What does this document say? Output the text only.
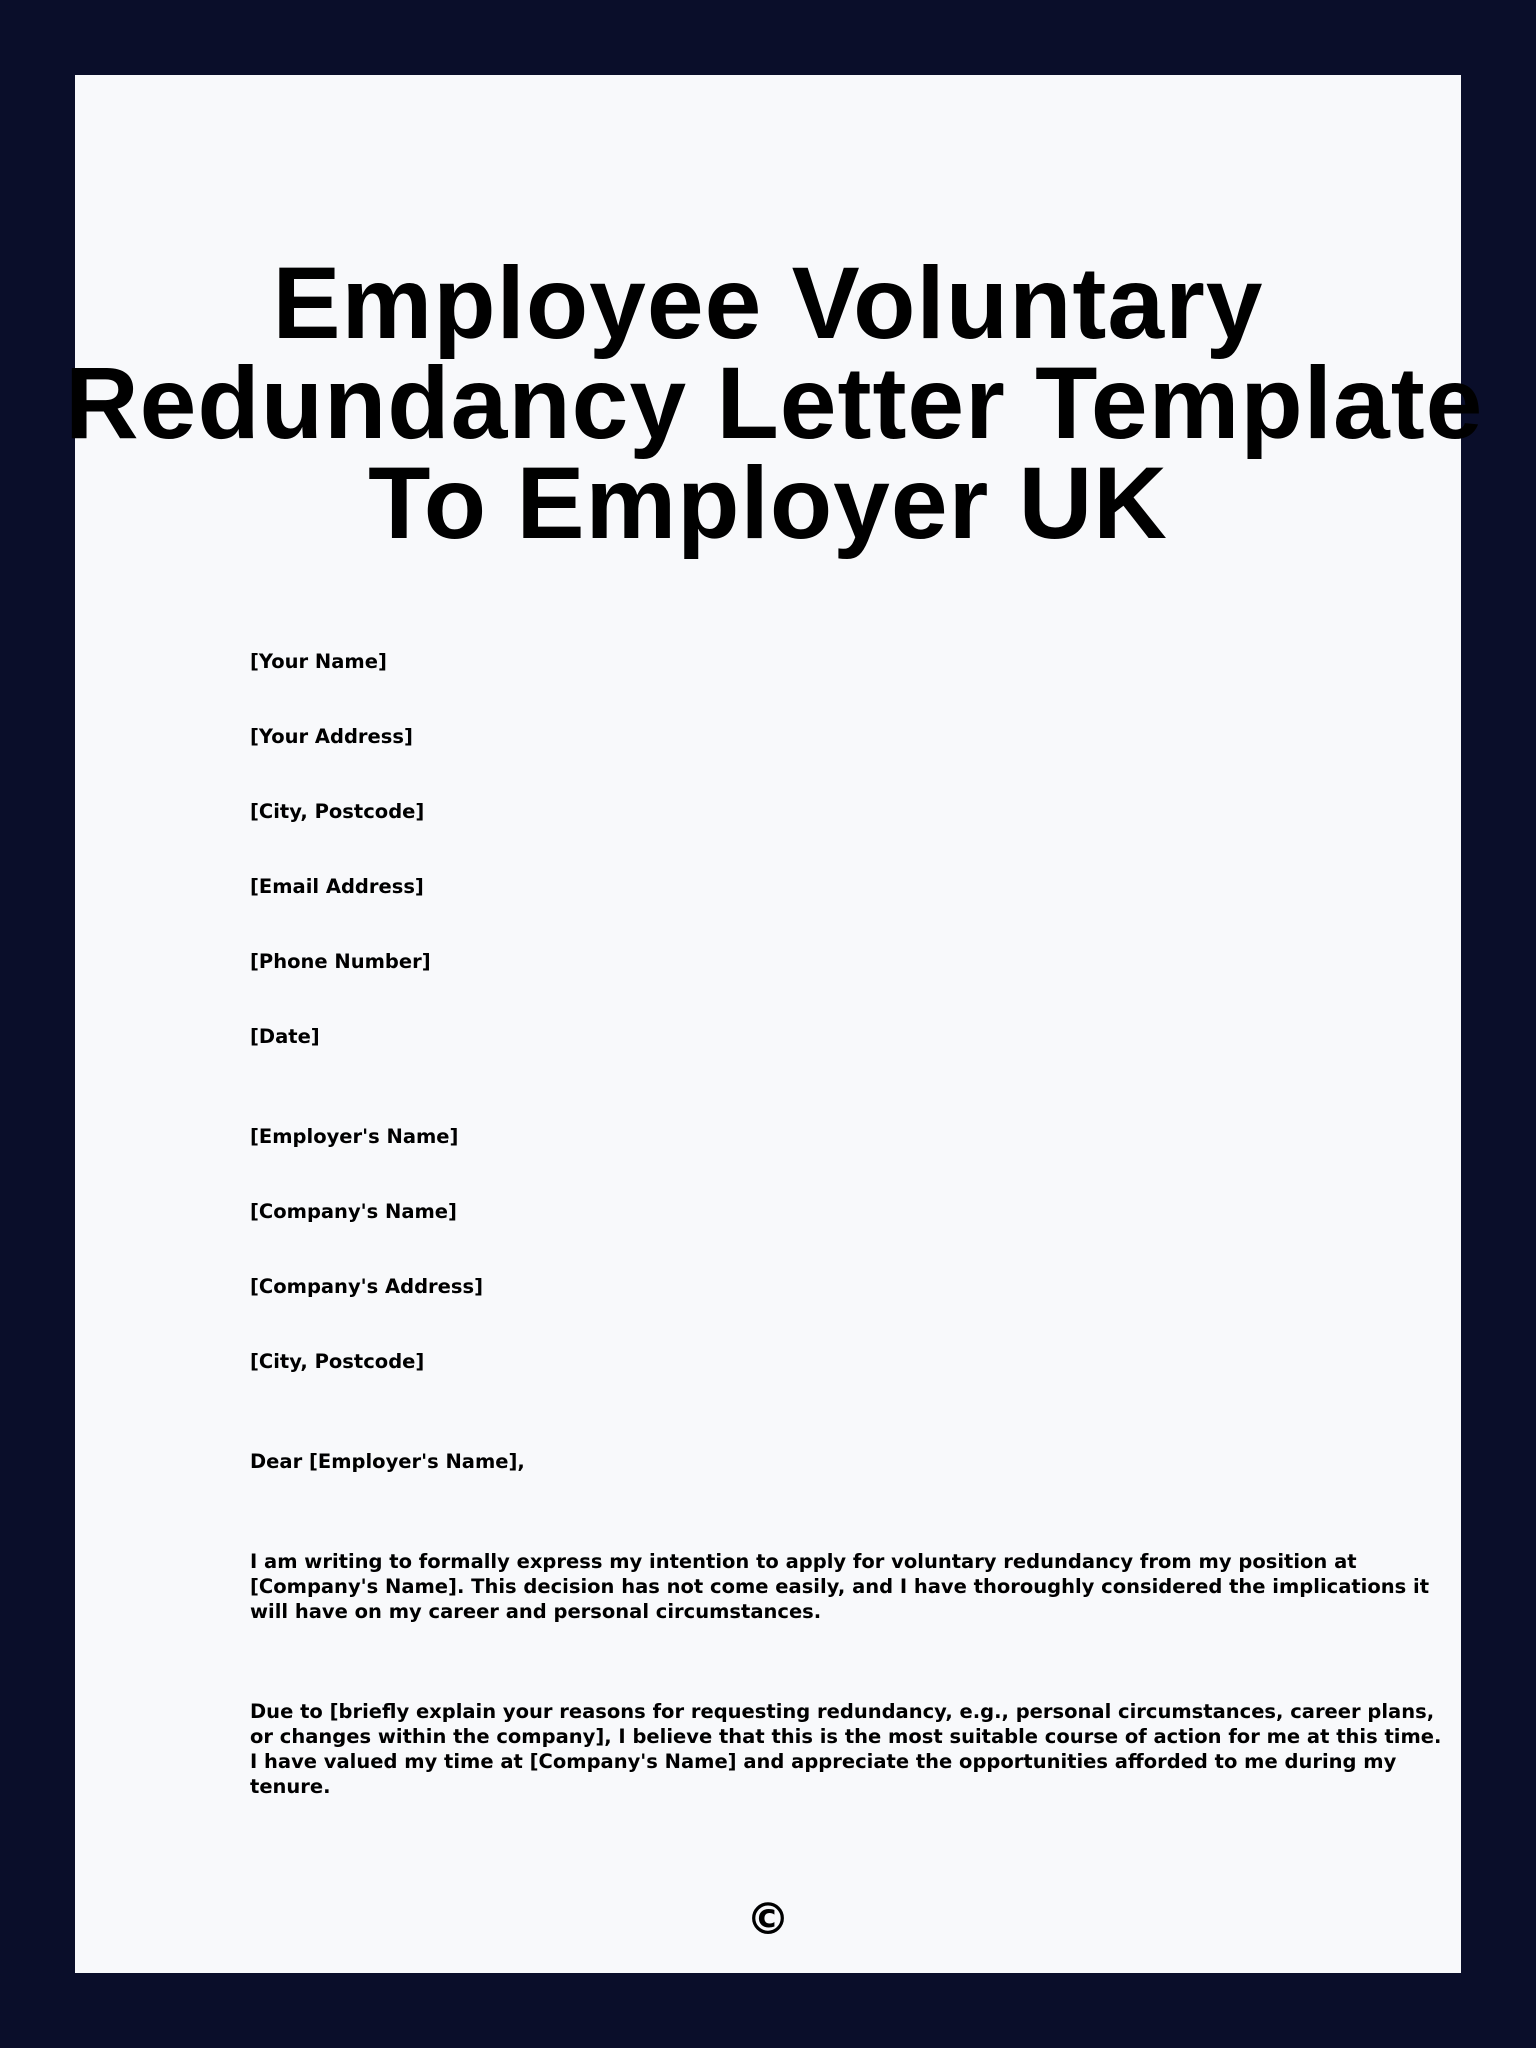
Employee Voluntary
Redundancy Letter Template
To Employer UK
[Your Name]
[Your Address]
[City, Postcode]
[Email Address]
[Phone Number]
[Date]
[Employer's Name]
[Company's Name]
[Company's Address]
[City, Postcode]
Dear [Employer's Name],
I am writing to formally express my intention to apply for voluntary redundancy from my position at
[Company's Name]. This decision has not come easily, and I have thoroughly considered the implications it
will have on my career and personal circumstances.
Due to [briefly explain your reasons for requesting redundancy, e.g., personal circumstances, career plans,
or changes within the company], I believe that this is the most suitable course of action for me at this time.
I have valued my time at [Company's Name] and appreciate the opportunities afforded to me during my
tenure.
©
